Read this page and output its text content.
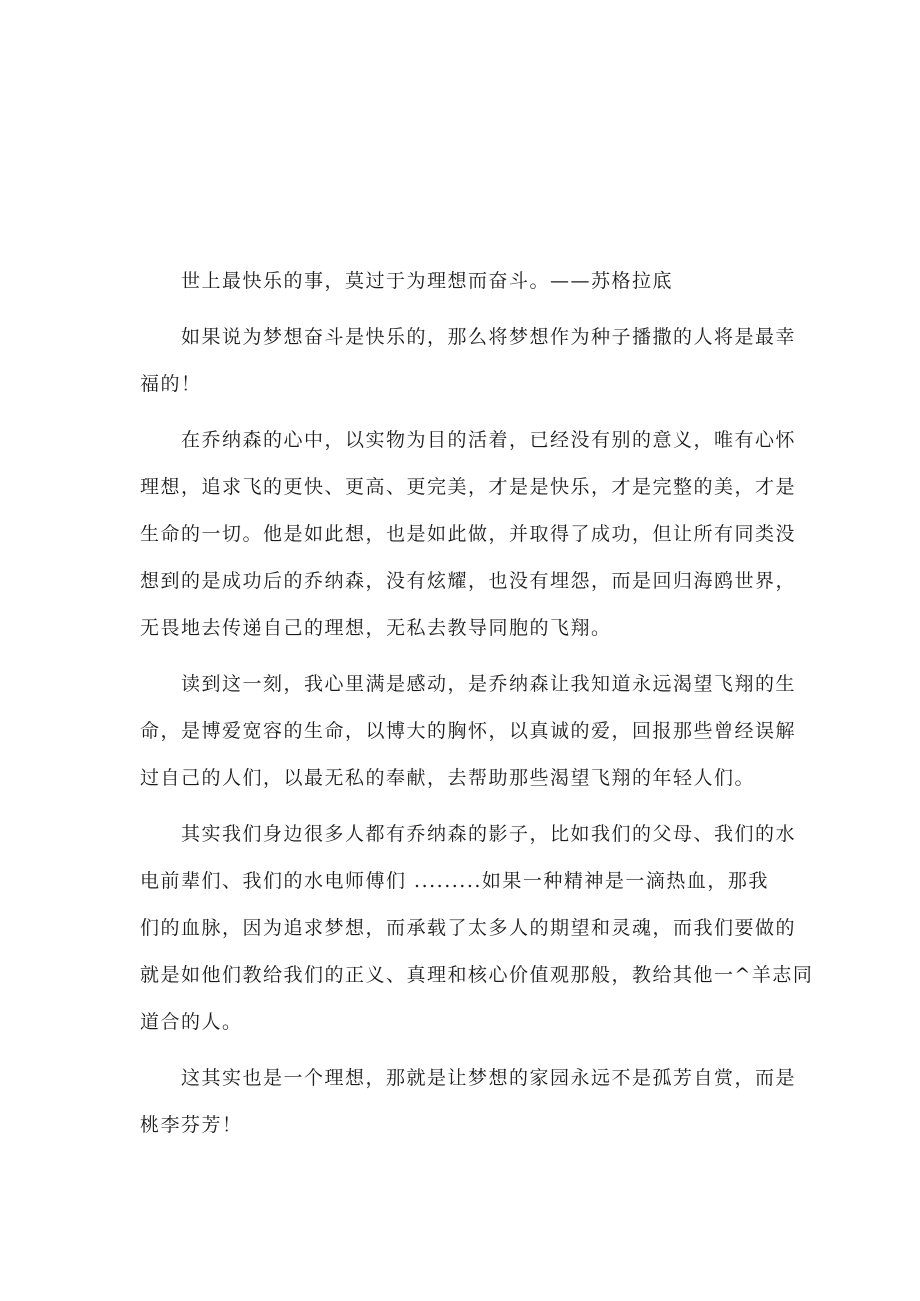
世上最快乐的事，莫过于为理想而奋斗。——苏格拉底

如果说为梦想奋斗是快乐的，那么将梦想作为种子播撒的人将是最幸
福的！

在乔纳森的心中，以实物为目的活着，已经没有别的意义，唯有心怀
理想，追求飞的更快、更高、更完美，才是是快乐，才是完整的美，才是
生命的一切。他是如此想，也是如此做，并取得了成功，但让所有同类没
想到的是成功后的乔纳森，没有炫耀，也没有埋怨，而是回归海鸥世界，
无畏地去传递自己的理想，无私去教导同胞的飞翔。

读到这一刻，我心里满是感动，是乔纳森让我知道永远渴望飞翔的生
命，是博爱宽容的生命，以博大的胸怀，以真诚的爱，回报那些曾经误解
过自己的人们，以最无私的奉献，去帮助那些渴望飞翔的年轻人们。

其实我们身边很多人都有乔纳森的影子，比如我们的父母、我们的水
电前辈们、我们的水电师傅们 .........如果一种精神是一滴热血，那我
们的血脉，因为追求梦想，而承载了太多人的期望和灵魂，而我们要做的
就是如他们教给我们的正义、真理和核心价值观那般，教给其他一^羊志同
道合的人。

这其实也是一个理想，那就是让梦想的家园永远不是孤芳自赏，而是
桃李芬芳！
